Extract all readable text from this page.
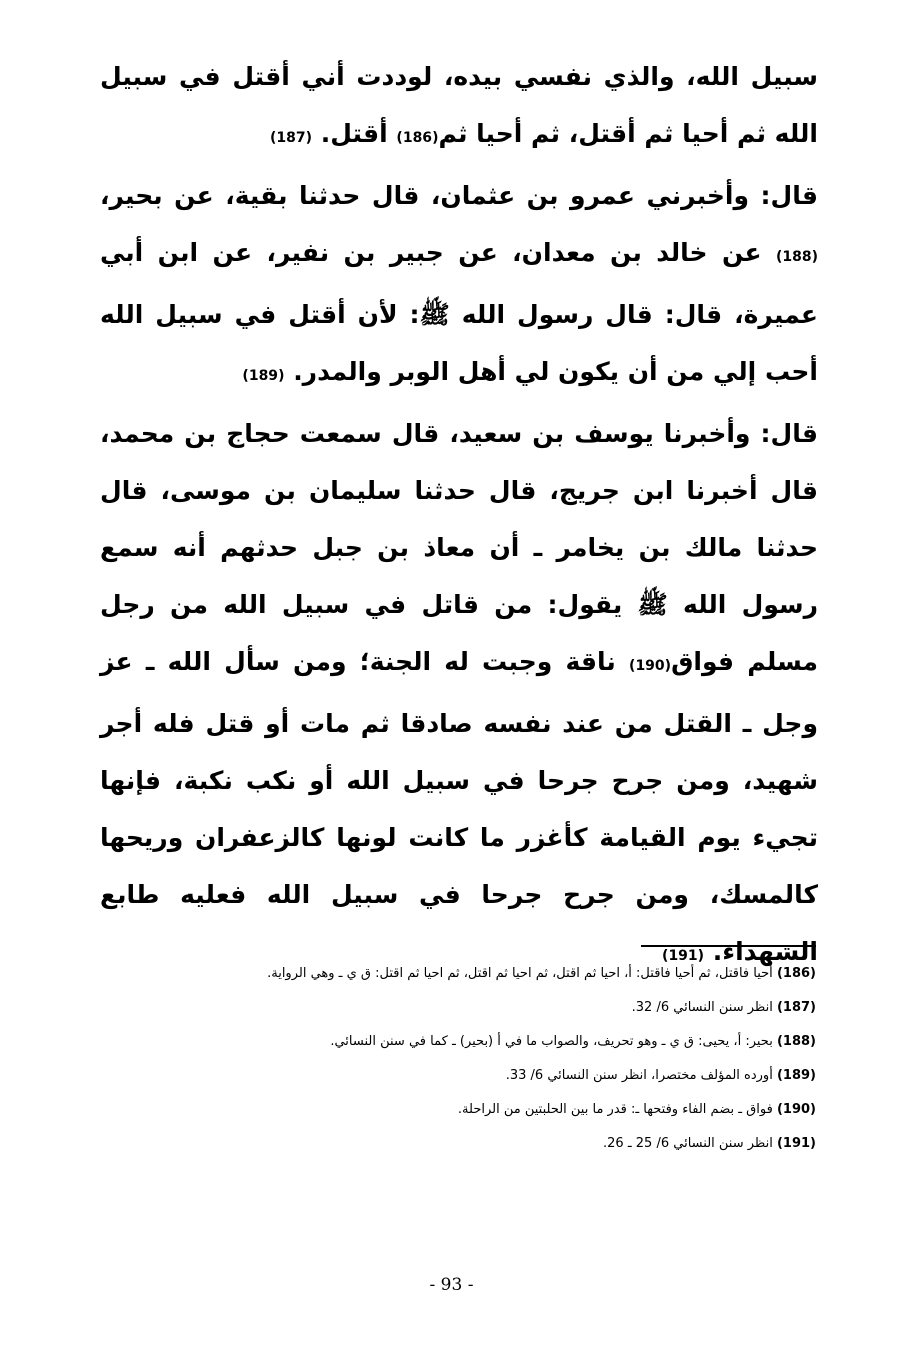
سبيل الله، والذي نفسي بيده، لوددت أني أقتل في سبيل الله ثم أحيا ثم أقتل، ثم أحيا ثم(186) أقتل. (187)

قال: وأخبرني عمرو بن عثمان، قال حدثنا بقية، عن بحير،(188) عن خالد بن معدان، عن جبير بن نفير، عن ابن أبي عميرة، قال: قال رسول الله ﷺ: لأن أقتل في سبيل الله أحب إلي من أن يكون لي أهل الوبر والمدر. (189)

قال: وأخبرنا يوسف بن سعيد، قال سمعت حجاج بن محمد، قال أخبرنا ابن جريج، قال حدثنا سليمان بن موسى، قال حدثنا مالك بن يخامر ـ أن معاذ بن جبل حدثهم أنه سمع رسول الله ﷺ يقول: من قاتل في سبيل الله من رجل مسلم فواق(190) ناقة وجبت له الجنة؛ ومن سأل الله ـ عز وجل ـ القتل من عند نفسه صادقا ثم مات أو قتل فله أجر شهيد، ومن جرح جرحا في سبيل الله أو نكب نكبة، فإنها تجيء يوم القيامة كأغزر ما كانت لونها كالزعفران وريحها كالمسك، ومن جرح جرحا في سبيل الله فعليه طابع الشهداء. (191)

(186) أحيا فاقتل، ثم أحيا فاقتل: أ، احيا ثم اقتل، ثم احيا ثم اقتل، ثم احيا ثم اقتل: ق ي ـ وهي الرواية.

(187) انظر سنن النسائي 6/ 32.

(188) بحير: أ، يحيى: ق ي ـ وهو تحريف، والصواب ما في أ (بحير) ـ كما في سنن النسائي.

(189) أورده المؤلف مختصرا، انظر سنن النسائي 6/ 33.

(190) فواق ـ بضم الفاء وفتحها ـ: قدر ما بين الحلبتين من الراحلة.

(191) انظر سنن النسائي 6/ 25 ـ 26.

- 93 -
